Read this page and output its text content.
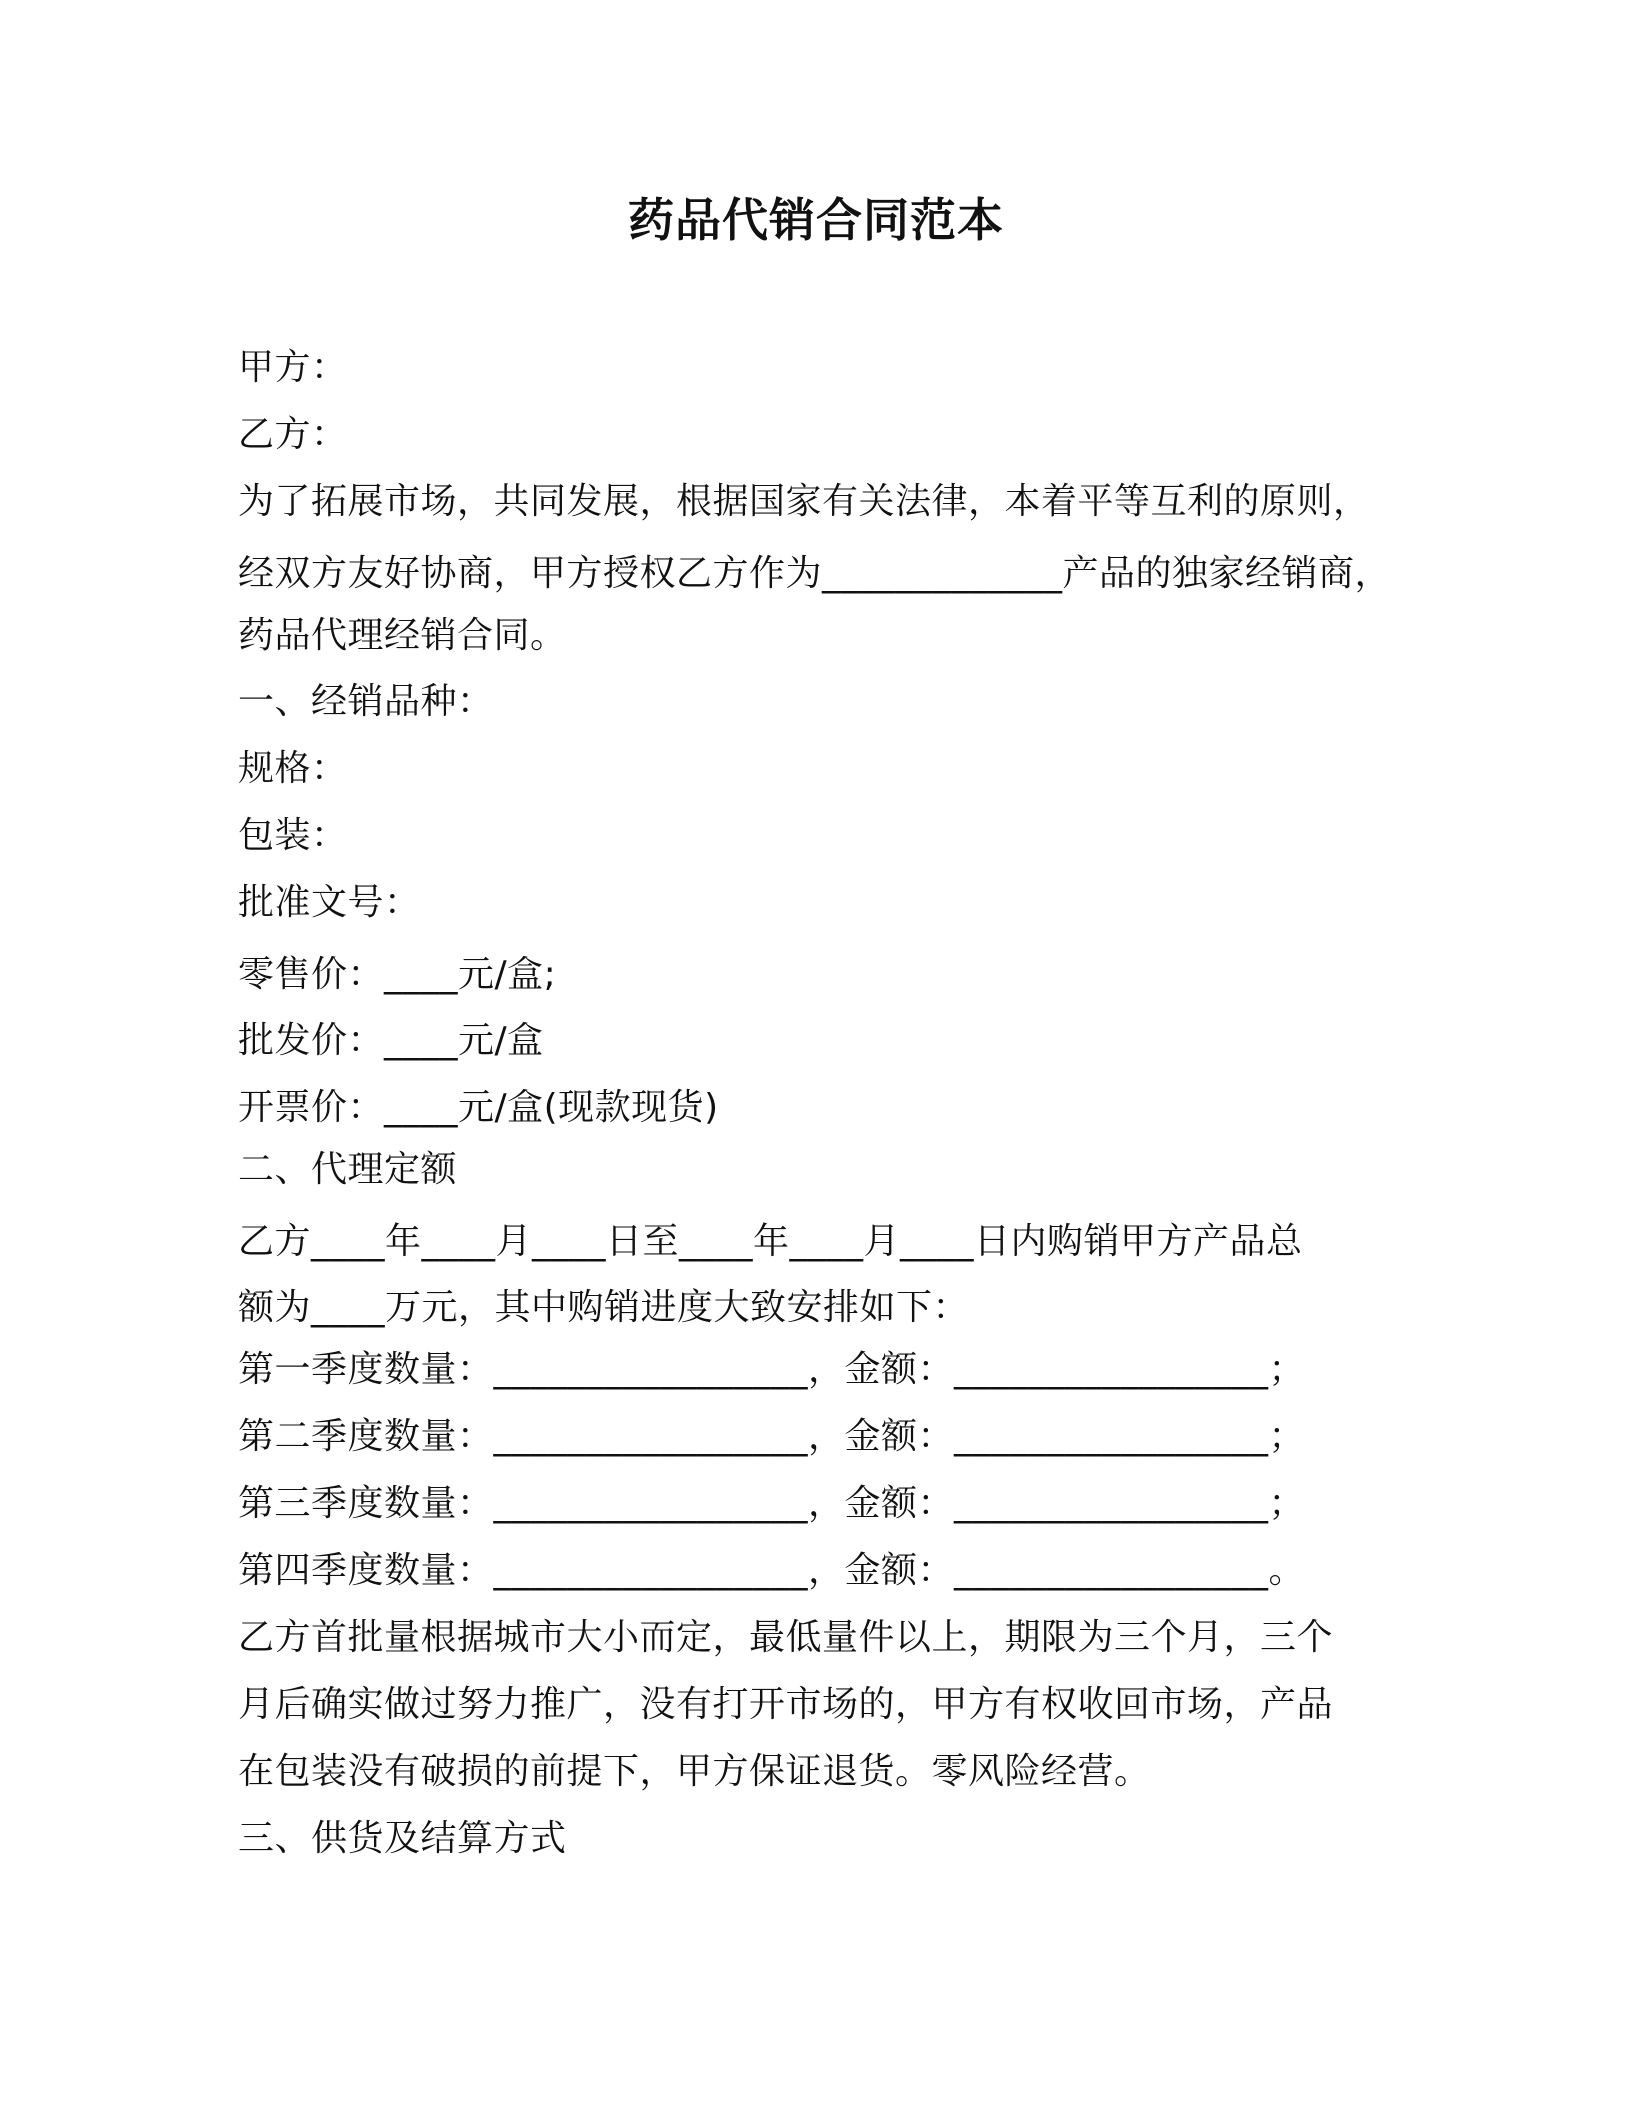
药品代销合同范本
甲方：
乙方：
为了拓展市场，共同发展，根据国家有关法律，本着平等互利的原则，
经双方友好协商，甲方授权乙方作为_____________产品的独家经销商，
药品代理经销合同。
一、经销品种：
规格：
包装：
批准文号：
零售价：____元/盒;
批发价：____元/盒
开票价：____元/盒(现款现货)
二、代理定额
乙方____年____月____日至____年____月____日内购销甲方产品总
额为____万元，其中购销进度大致安排如下：
第一季度数量：_________________，金额：_________________；
第二季度数量：_________________，金额：_________________；
第三季度数量：_________________，金额：_________________；
第四季度数量：_________________，金额：_________________。
乙方首批量根据城市大小而定，最低量件以上，期限为三个月，三个
月后确实做过努力推广，没有打开市场的，甲方有权收回市场，产品
在包装没有破损的前提下，甲方保证退货。零风险经营。
三、供货及结算方式
